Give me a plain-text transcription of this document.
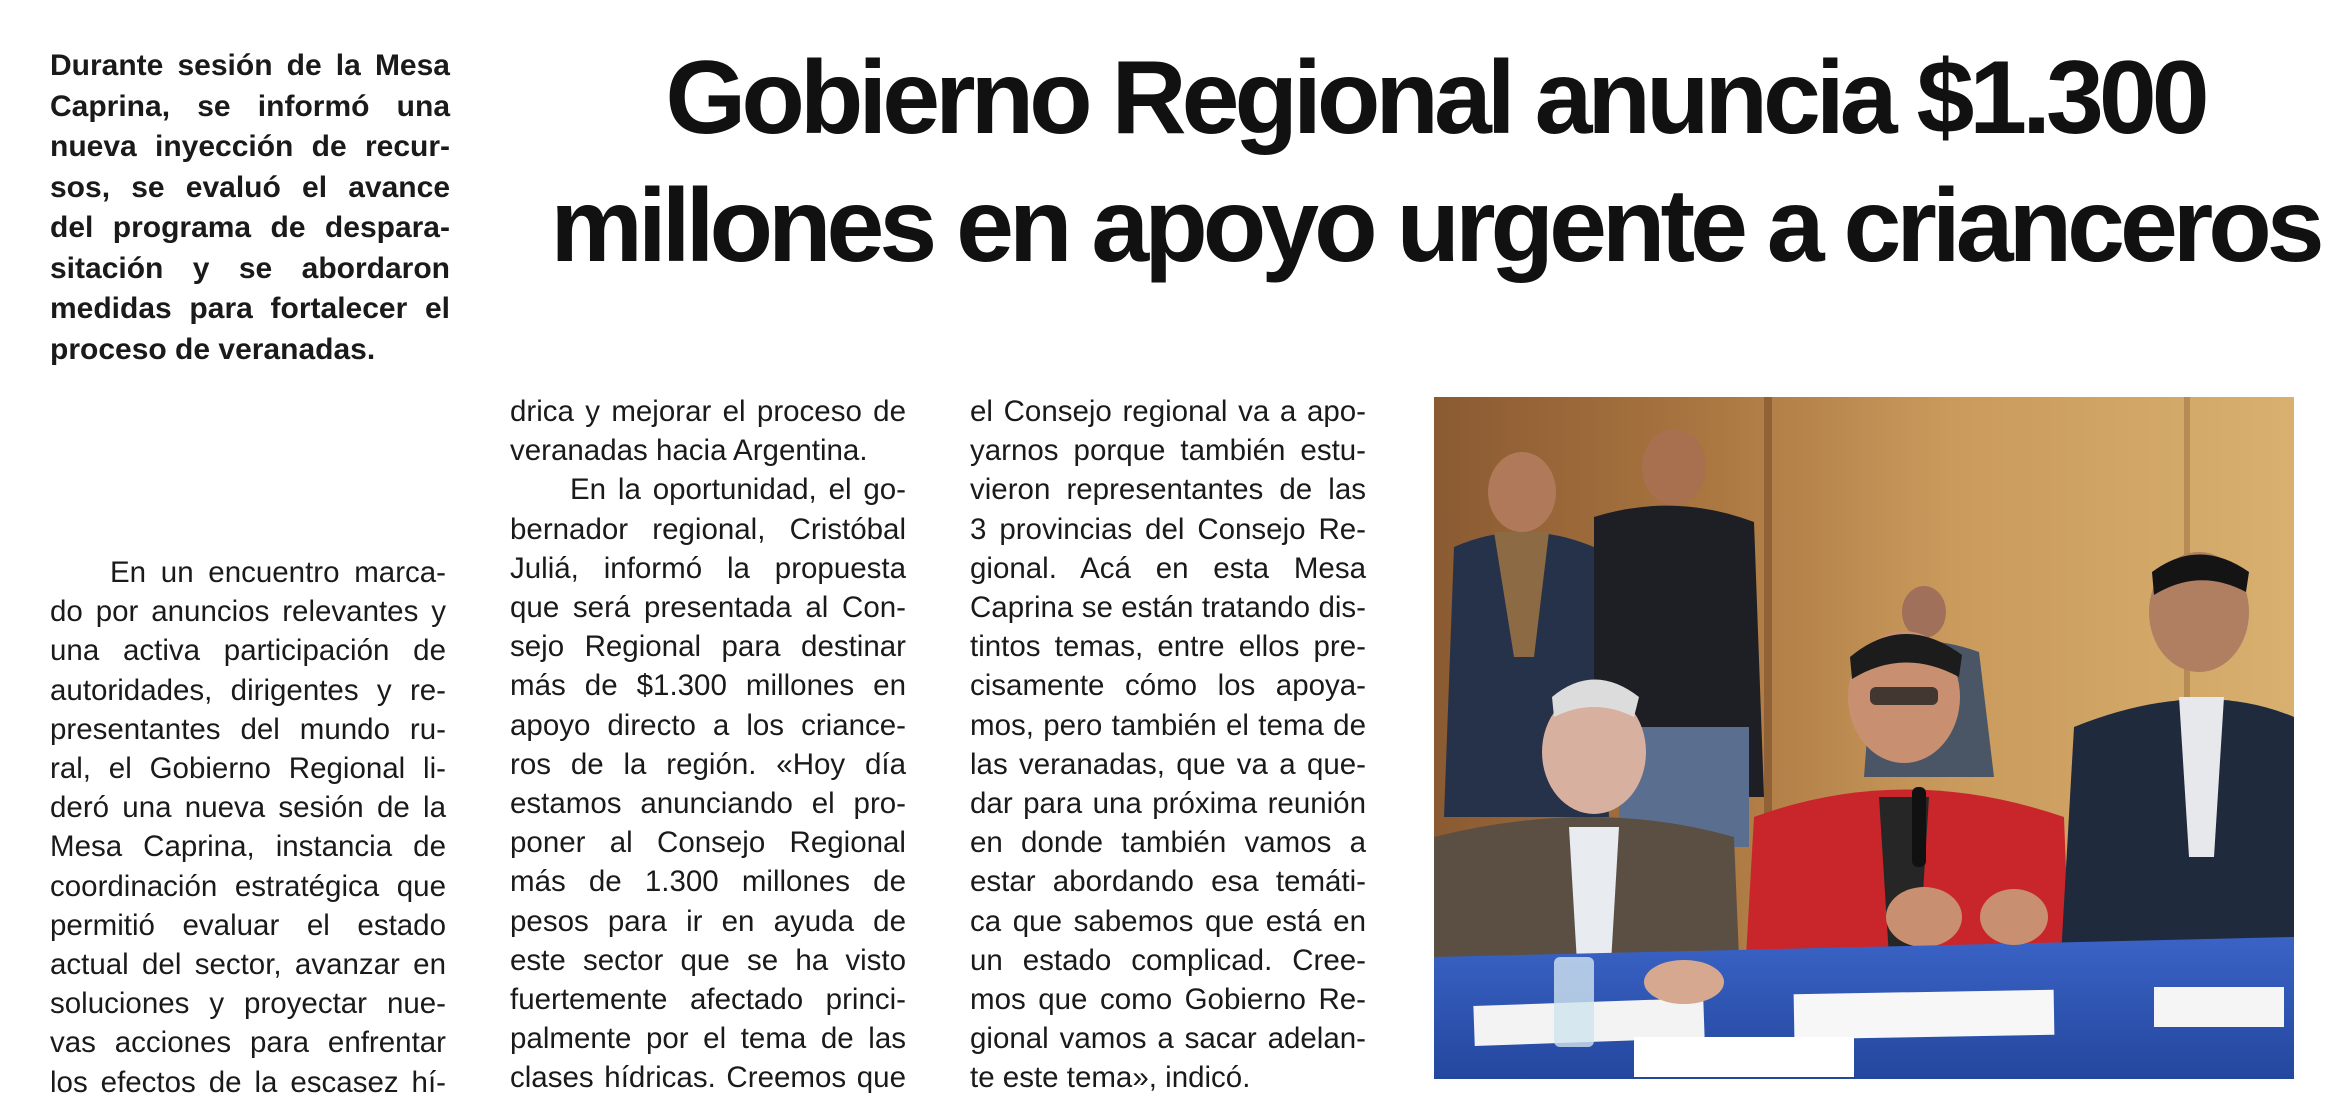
Durante sesión de la Mesa
Caprina, se informó una
nueva inyección de recur-
sos, se evaluó el avance
del programa de despara-
sitación y se abordaron
medidas para fortalecer el
proceso de veranadas.
Gobierno Regional anuncia $1.300
millones en apoyo urgente a crianceros
En un encuentro marca-
do por anuncios relevantes y
una activa participación de
autoridades, dirigentes y re-
presentantes del mundo ru-
ral, el Gobierno Regional li-
deró una nueva sesión de la
Mesa Caprina, instancia de
coordinación estratégica que
permitió evaluar el estado
actual del sector, avanzar en
soluciones y proyectar nue-
vas acciones para enfrentar
los efectos de la escasez hí-
drica y mejorar el proceso de
veranadas hacia Argentina.
En la oportunidad, el go-
bernador regional, Cristóbal
Juliá, informó la propuesta
que será presentada al Con-
sejo Regional para destinar
más de $1.300 millones en
apoyo directo a los criance-
ros de la región. «Hoy día
estamos anunciando el pro-
poner al Consejo Regional
más de 1.300 millones de
pesos para ir en ayuda de
este sector que se ha visto
fuertemente afectado princi-
palmente por el tema de las
clases hídricas. Creemos que
el Consejo regional va a apo-
yarnos porque también estu-
vieron representantes de las
3 provincias del Consejo Re-
gional. Acá en esta Mesa
Caprina se están tratando dis-
tintos temas, entre ellos pre-
cisamente cómo los apoya-
mos, pero también el tema de
las veranadas, que va a que-
dar para una próxima reunión
en donde también vamos a
estar abordando esa temáti-
ca que sabemos que está en
un estado complicad. Cree-
mos que como Gobierno Re-
gional vamos a sacar adelan-
te este tema», indicó.
